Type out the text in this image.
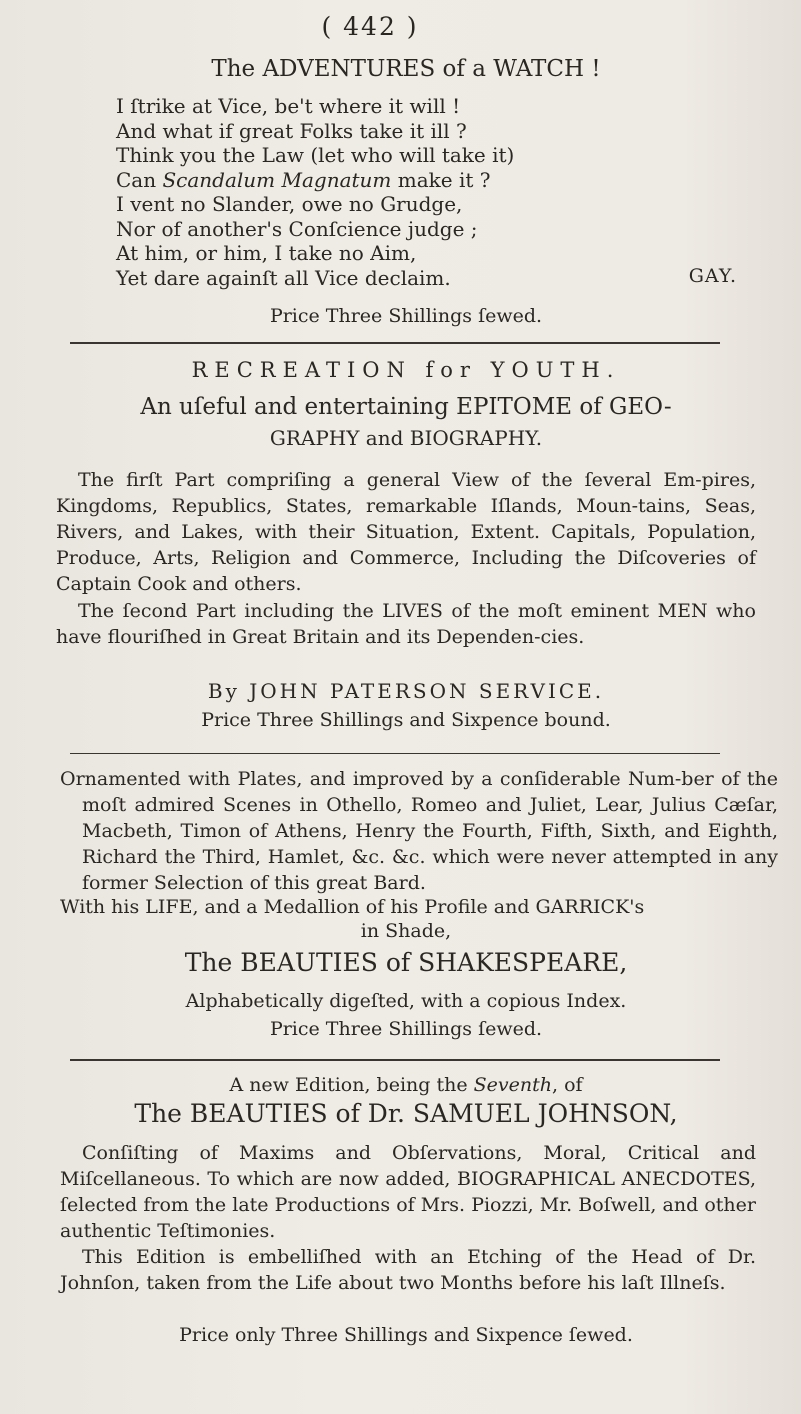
( 442 )
The ADVENTURES of a WATCH !
I ſtrike at Vice, be't where it will !
And what if great Folks take it ill ?
Think you the Law (let who will take it)
Can Scandalum Magnatum make it ?
I vent no Slander, owe no Grudge,
Nor of another's Conſcience judge ;
At him, or him, I take no Aim,
Yet dare againſt all Vice declaim.	GAY.
Price Three Shillings ſewed.
RECREATION for YOUTH.
An uſeful and entertaining EPITOME of GEO-
GRAPHY and BIOGRAPHY.
The firſt Part compriſing a general View of the ſeveral Em-pires, Kingdoms, Republics, States, remarkable Iſlands, Moun-tains, Seas, Rivers, and Lakes, with their Situation, Extent. Capitals, Population, Produce, Arts, Religion and Commerce, Including the Diſcoveries of Captain Cook and others.
The ſecond Part including the LIVES of the moſt eminent MEN who have flouriſhed in Great Britain and its Dependen-cies.
By JOHN PATERSON SERVICE.
Price Three Shillings and Sixpence bound.
Ornamented with Plates, and improved by a conſiderable Num-ber of the moſt admired Scenes in Othello, Romeo and Juliet, Lear, Julius Cæſar, Macbeth, Timon of Athens, Henry the Fourth, Fifth, Sixth, and Eighth, Richard the Third, Hamlet, &c. &c. which were never attempted in any former Selection of this great Bard.
With his LIFE, and a Medallion of his Profile and GARRICK's
in Shade,
The BEAUTIES of SHAKESPEARE,
Alphabetically digeſted, with a copious Index.
Price Three Shillings ſewed.
A new Edition, being the Seventh, of
The BEAUTIES of Dr. SAMUEL JOHNSON,
Conſiſting of Maxims and Obſervations, Moral, Critical and Miſcellaneous. To which are now added, BIOGRAPHICAL ANECDOTES, ſelected from the late Productions of Mrs. Piozzi, Mr. Boſwell, and other authentic Teſtimonies.
This Edition is embelliſhed with an Etching of the Head of Dr. Johnſon, taken from the Life about two Months before his laſt Illneſs.
Price only Three Shillings and Sixpence ſewed.
